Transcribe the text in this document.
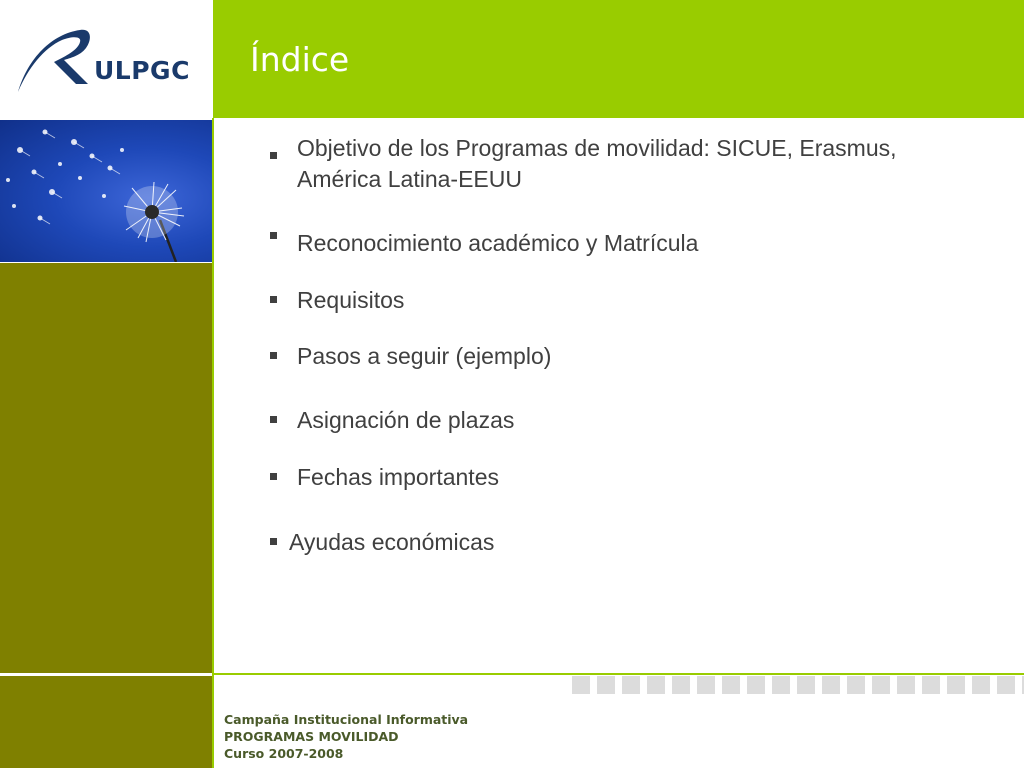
ULPGC Índice
Objetivo de los Programas de movilidad: SICUE, Erasmus,
América Latina-EEUU
Reconocimiento académico y Matrícula
Requisitos
Pasos a seguir (ejemplo)
Asignación de plazas
Fechas importantes
Ayudas económicas
Campaña Institucional Informativa
PROGRAMAS MOVILIDAD
Curso 2007-2008
